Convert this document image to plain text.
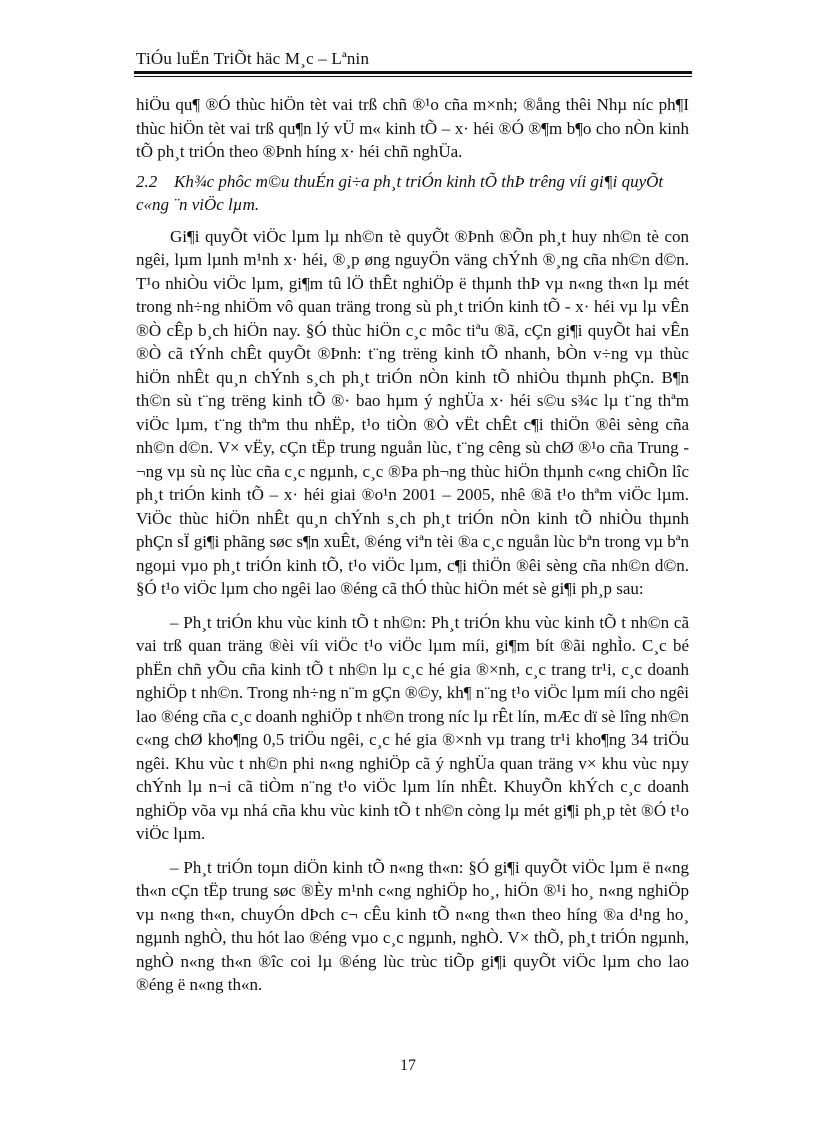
TiÓu luËn TriÕt häc M¸c – Lªnin

hiÖu qu¶ ®Ó thùc hiÖn tèt vai trß chñ ®¹o cña m×nh; ®ång thêi Nhµ níc ph¶I thùc hiÖn tèt vai trß qu¶n lý vÜ m« kinh tÕ – x· héi ®Ó ®¶m b¶o cho nÒn kinh tÕ ph¸t triÓn theo ®Þnh híng x· héi chñ nghÜa.

2.2 Kh¾c phôc m©u thuÉn gi÷a ph¸t triÓn kinh tÕ thÞ trêng víi gi¶i quyÕt c«ng ¨n viÖc lµm.

Gi¶i quyÕt viÖc lµm lµ nh©n tè quyÕt ®Þnh ®Õn ph¸t huy nh©n tè con ngêi, lµm lµnh m¹nh x· héi, ®¸p øng nguyÖn väng chÝnh ®¸ng cña nh©n d©n. T¹o nhiÒu viÖc lµm, gi¶m tû lÖ thÊt nghiÖp ë thµnh thÞ vµ n«ng th«n lµ mét trong nh÷ng nhiÖm vô quan träng trong sù ph¸t triÓn kinh tÕ - x· héi vµ lµ vÊn ®Ò cÊp b¸ch hiÖn nay. §Ó thùc hiÖn c¸c môc tiªu ®ã, cÇn gi¶i quyÕt hai vÊn ®Ò cã tÝnh chÊt quyÕt ®Þnh: t¨ng trëng kinh tÕ nhanh, bÒn v÷ng vµ thùc hiÖn nhÊt qu¸n chÝnh s¸ch ph¸t triÓn nÒn kinh tÕ nhiÒu thµnh phÇn. B¶n th©n sù t¨ng trëng kinh tÕ ®· bao hµm ý nghÜa x· héi s©u s¾c lµ t¨ng thªm viÖc lµm, t¨ng thªm thu nhËp, t¹o tiÒn ®Ò vËt chÊt c¶i thiÖn ®êi sèng cña nh©n d©n. V× vËy, cÇn tËp trung nguån lùc, t¨ng cêng sù chØ ®¹o cña Trung ¬ng vµ sù nç lùc cña c¸c ngµnh, c¸c ®Þa ph¬ng thùc hiÖn thµnh c«ng chiÕn lîc ph¸t triÓn kinh tÕ – x· héi giai ®o¹n 2001 – 2005, nhê ®ã t¹o thªm viÖc lµm. ViÖc thùc hiÖn nhÊt qu¸n chÝnh s¸ch ph¸t triÓn nÒn kinh tÕ nhiÒu thµnh phÇn sÏ gi¶i phãng søc s¶n xuÊt, ®éng viªn tèi ®a c¸c nguån lùc bªn trong vµ bªn ngoµi vµo ph¸t triÓn kinh tÕ, t¹o viÖc lµm, c¶i thiÖn ®êi sèng cña nh©n d©n. §Ó t¹o viÖc lµm cho ngêi lao ®éng cã thÓ thùc hiÖn mét sè gi¶i ph¸p sau:

– Ph¸t triÓn khu vùc kinh tÕ t nh©n: Ph¸t triÓn khu vùc kinh tÕ t nh©n cã vai trß quan träng ®èi víi viÖc t¹o viÖc lµm míi, gi¶m bít ®ãi nghÌo. C¸c bé phËn chñ yÕu cña kinh tÕ t nh©n lµ c¸c hé gia ®×nh, c¸c trang tr¹i, c¸c doanh nghiÖp t nh©n. Trong nh÷ng n¨m gÇn ®©y, kh¶ n¨ng t¹o viÖc lµm míi cho ngêi lao ®éng cña c¸c doanh nghiÖp t nh©n trong níc lµ rÊt lín, mÆc dï sè lîng nh©n c«ng chØ kho¶ng 0,5 triÖu ngêi, c¸c hé gia ®×nh vµ trang tr¹i kho¶ng 34 triÖu ngêi. Khu vùc t nh©n phi n«ng nghiÖp cã ý nghÜa quan träng v× khu vùc nµy chÝnh lµ n¬i cã tiÒm n¨ng t¹o viÖc lµm lín nhÊt. KhuyÕn khÝch c¸c doanh nghiÖp võa vµ nhá cña khu vùc kinh tÕ t nh©n còng lµ mét gi¶i ph¸p tèt ®Ó t¹o viÖc lµm.

– Ph¸t triÓn toµn diÖn kinh tÕ n«ng th«n: §Ó gi¶i quyÕt viÖc lµm ë n«ng th«n cÇn tËp trung søc ®Èy m¹nh c«ng nghiÖp ho¸, hiÖn ®¹i ho¸ n«ng nghiÖp vµ n«ng th«n, chuyÓn dÞch c¬ cÊu kinh tÕ n«ng th«n theo híng ®a d¹ng ho¸ ngµnh nghÒ, thu hót lao ®éng vµo c¸c ngµnh, nghÒ. V× thÕ, ph¸t triÓn ngµnh, nghÒ n«ng th«n ®îc coi lµ ®éng lùc trùc tiÕp gi¶i quyÕt viÖc lµm cho lao ®éng ë n«ng th«n.

17
